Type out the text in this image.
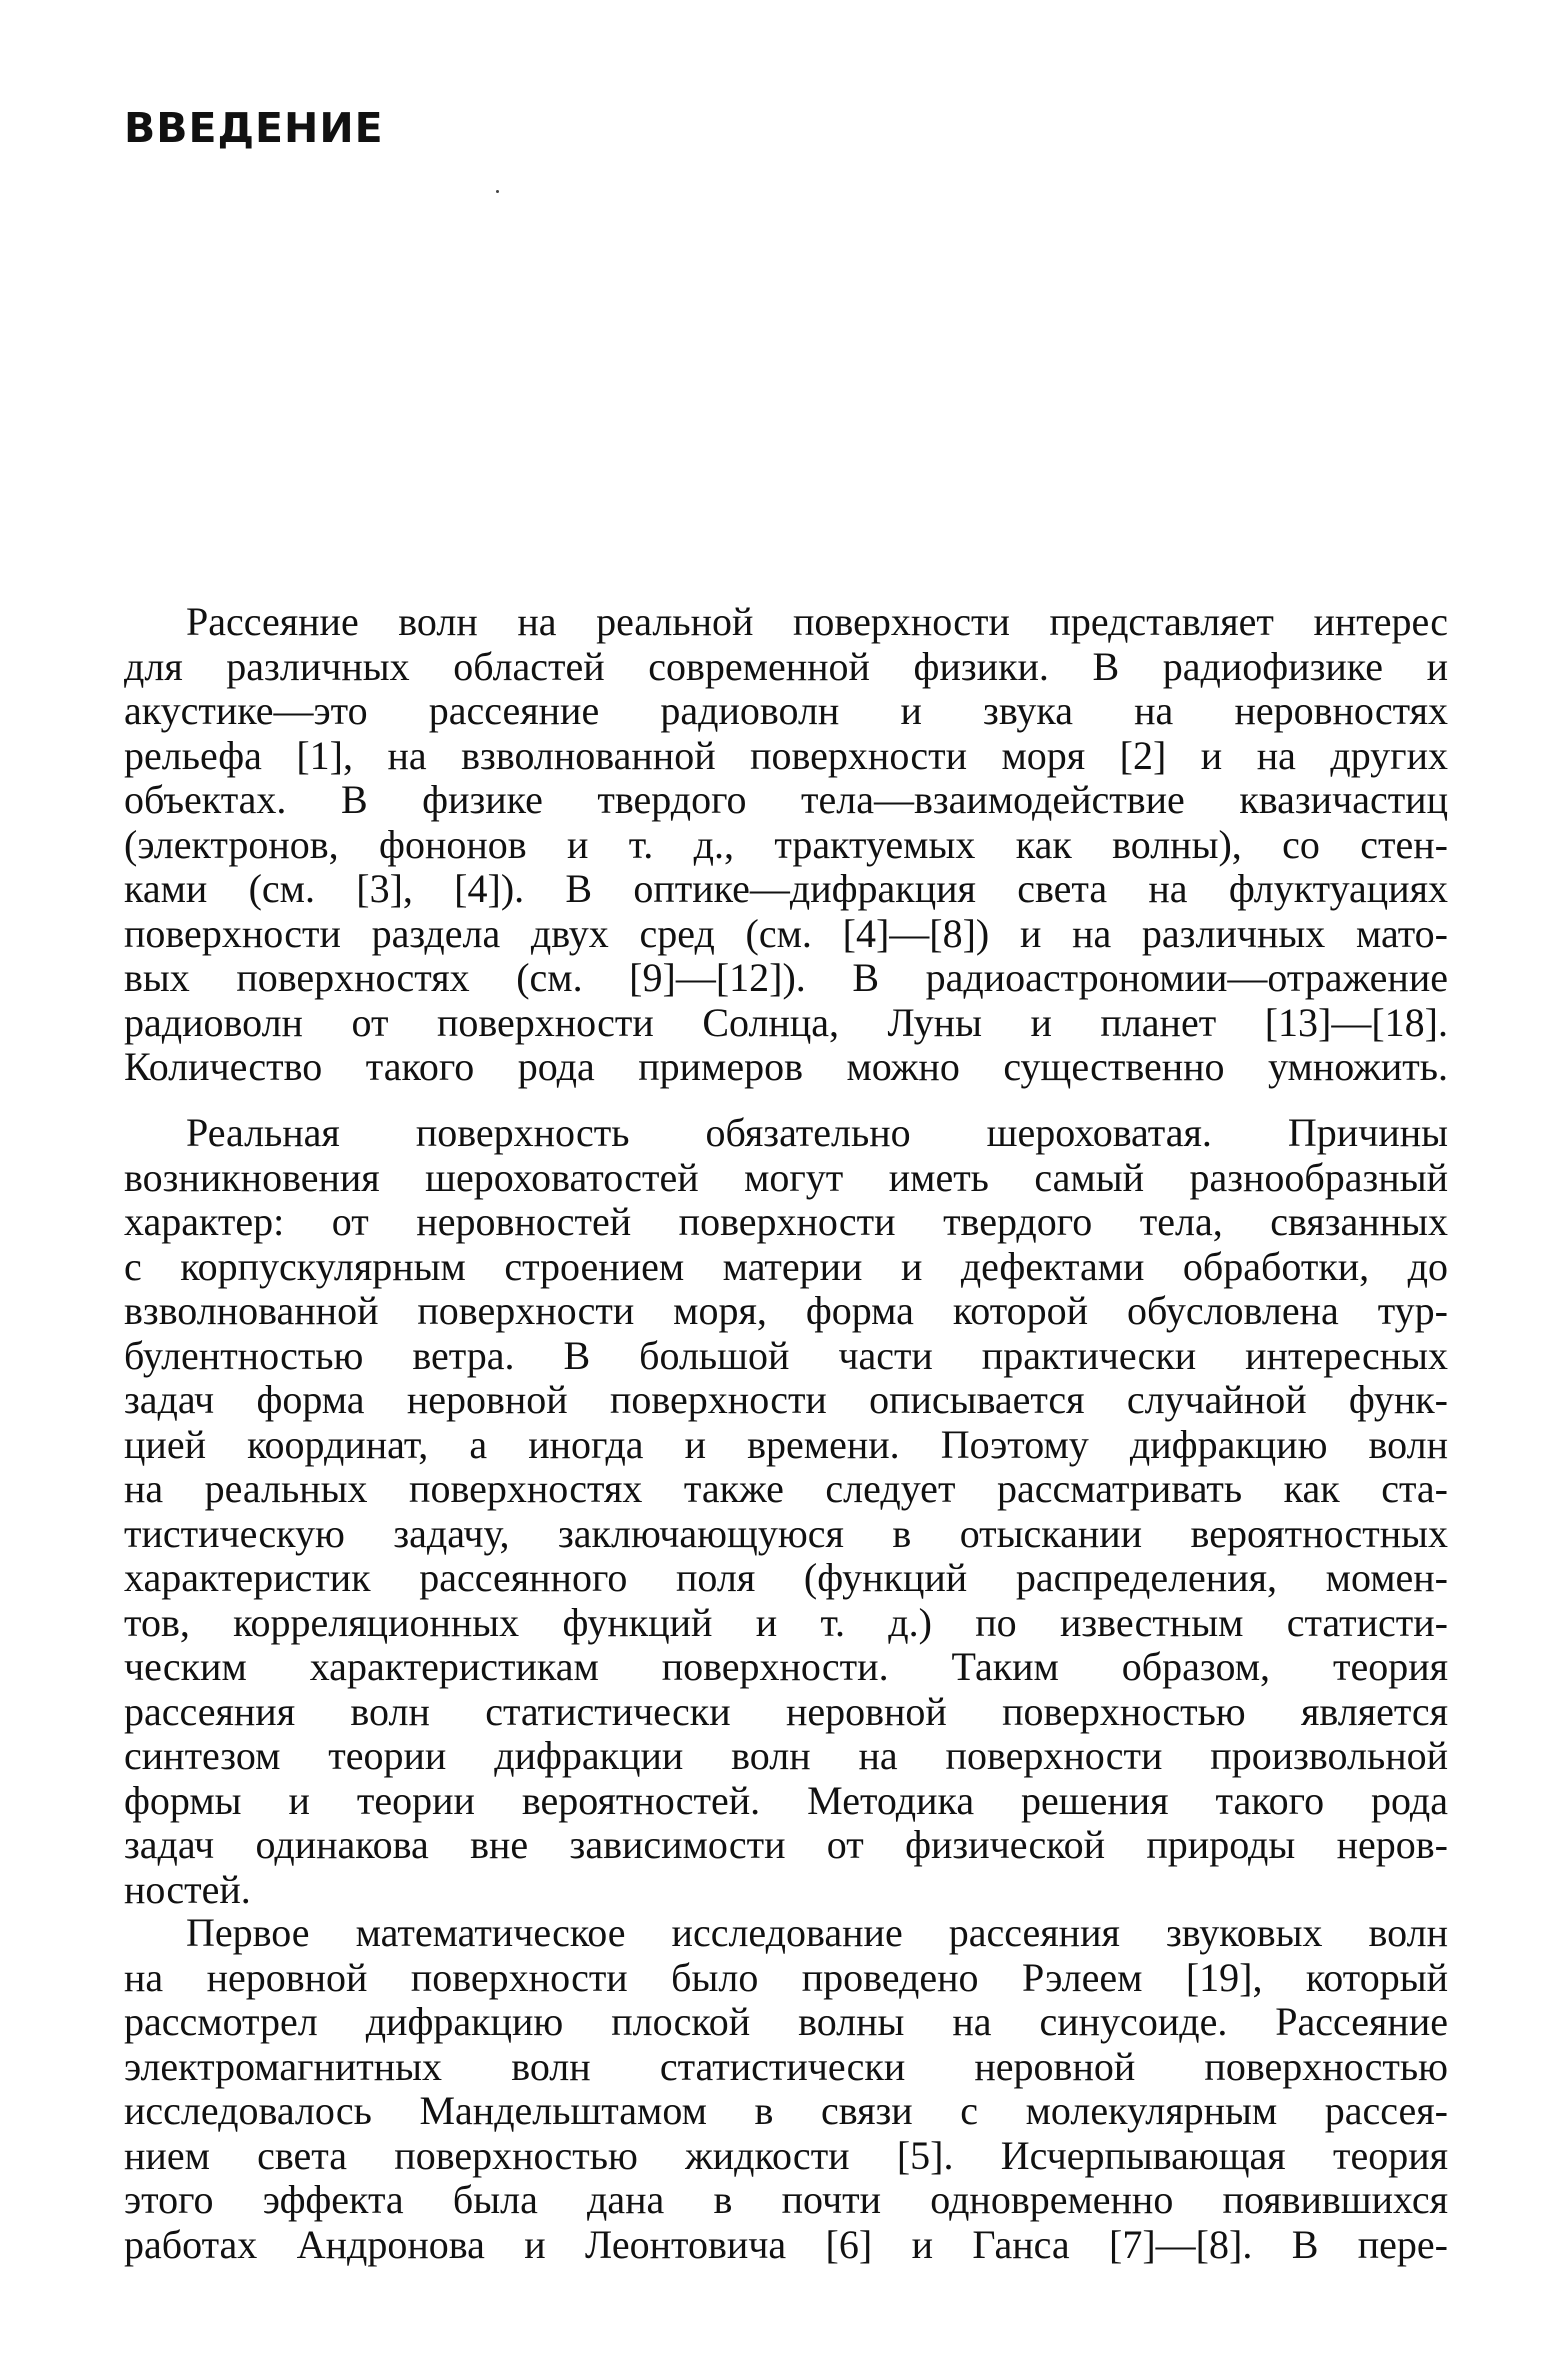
ВВЕДЕНИЕ
Рассеяние волн на реальной поверхности представляет интерес
для различных областей современной физики. В радиофизике и
акустике—это рассеяние радиоволн и звука на неровностях
рельефа [1], на взволнованной поверхности моря [2] и на других
объектах. В физике твердого тела—взаимодействие квазичастиц
(электронов, фононов и т. д., трактуемых как волны), со стен-
ками (см. [3], [4]). В оптике—дифракция света на флуктуациях
поверхности раздела двух сред (см. [4]—[8]) и на различных мато-
вых поверхностях (см. [9]—[12]). В радиоастрономии—отражение
радиоволн от поверхности Солнца, Луны и планет [13]—[18].
Количество такого рода примеров можно существенно умножить.
Реальная поверхность обязательно шероховатая. Причины
возникновения шероховатостей могут иметь самый разнообразный
характер: от неровностей поверхности твердого тела, связанных
с корпускулярным строением материи и дефектами обработки, до
взволнованной поверхности моря, форма которой обусловлена тур-
булентностью ветра. В большой части практически интересных
задач форма неровной поверхности описывается случайной функ-
цией координат, а иногда и времени. Поэтому дифракцию волн
на реальных поверхностях также следует рассматривать как ста-
тистическую задачу, заключающуюся в отыскании вероятностных
характеристик рассеянного поля (функций распределения, момен-
тов, корреляционных функций и т. д.) по известным статисти-
ческим характеристикам поверхности. Таким образом, теория
рассеяния волн статистически неровной поверхностью является
синтезом теории дифракции волн на поверхности произвольной
формы и теории вероятностей. Методика решения такого рода
задач одинакова вне зависимости от физической природы неров-
ностей.
Первое математическое исследование рассеяния звуковых волн
на неровной поверхности было проведено Рэлеем [19], который
рассмотрел дифракцию плоской волны на синусоиде. Рассеяние
электромагнитных волн статистически неровной поверхностью
исследовалось Мандельштамом в связи с молекулярным рассея-
нием света поверхностью жидкости [5]. Исчерпывающая теория
этого эффекта была дана в почти одновременно появившихся
работах Андронова и Леонтовича [6] и Ганса [7]—[8]. В пере-
